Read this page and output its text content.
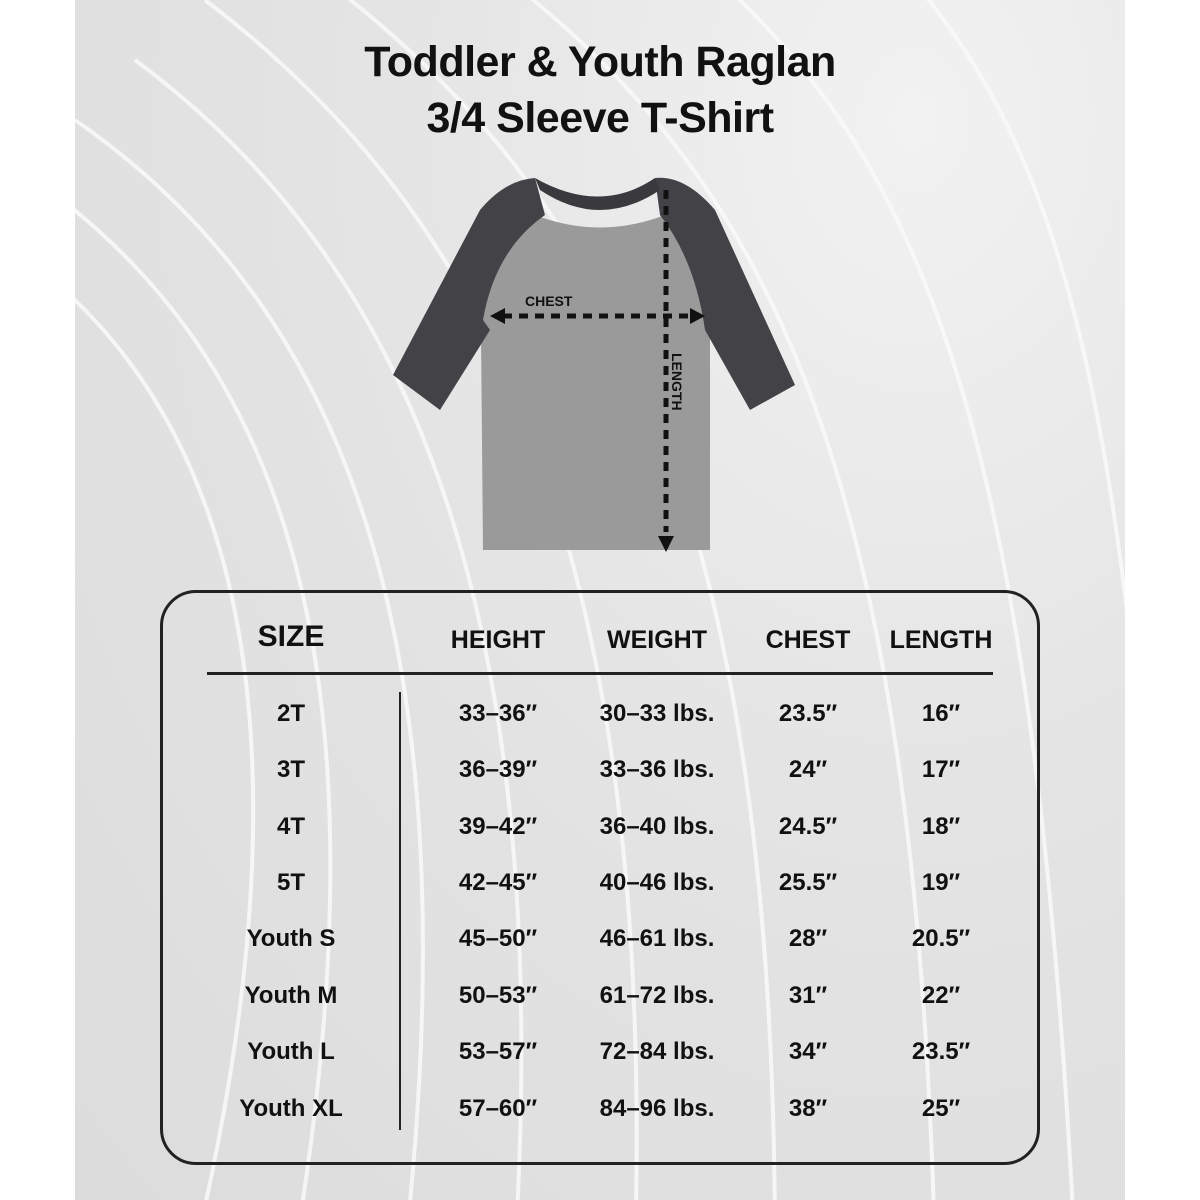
Toddler & Youth Raglan
3/4 Sleeve T-Shirt
CHEST
LENGTH
SIZE	HEIGHT	WEIGHT	CHEST	LENGTH
2T	33–36″	30–33 lbs.	23.5″	16″
3T	36–39″	33–36 lbs.	24″	17″
4T	39–42″	36–40 lbs.	24.5″	18″
5T	42–45″	40–46 lbs.	25.5″	19″
Youth S	45–50″	46–61 lbs.	28″	20.5″
Youth M	50–53″	61–72 lbs.	31″	22″
Youth L	53–57″	72–84 lbs.	34″	23.5″
Youth XL	57–60″	84–96 lbs.	38″	25″
